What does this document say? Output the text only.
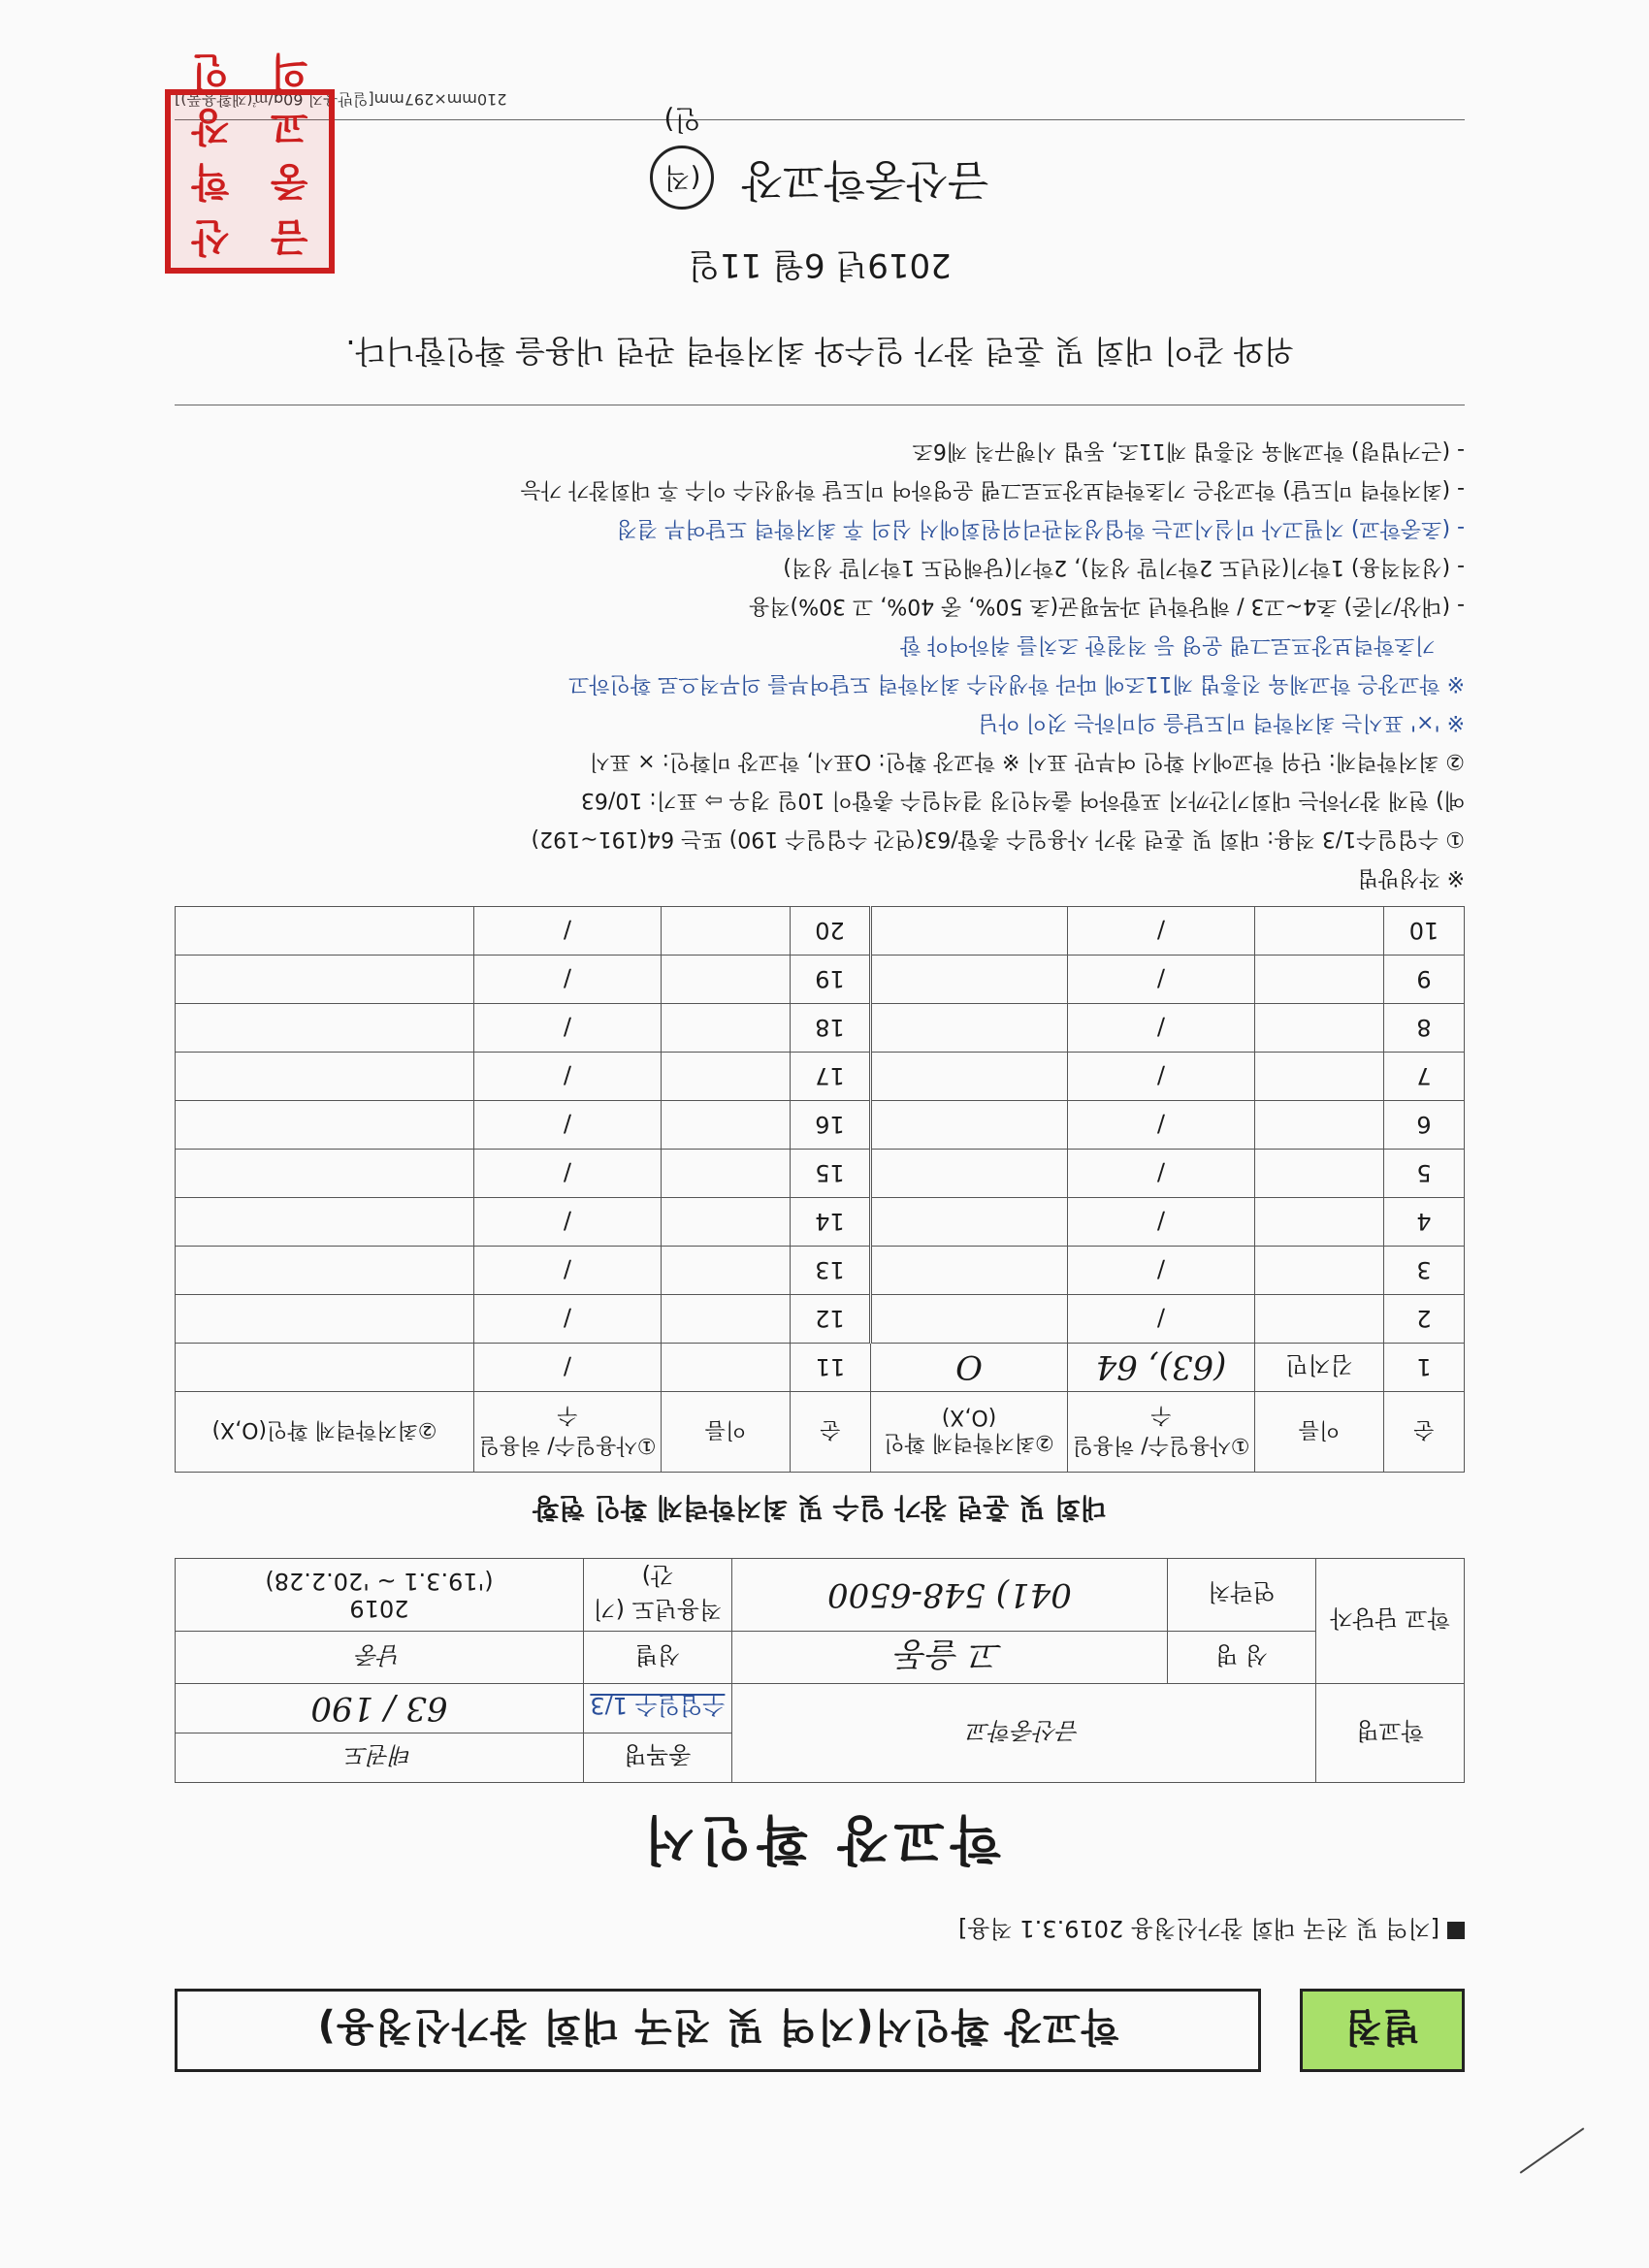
별첨
학교장 확인서(지역 및 전국 대회 참가신청용)
[지역 및 전국 대회 참가신청용 2019.3.1 적용]
학교장 확인서
학교명	금산중학교		종목명	태권도
			수업일수 1/3	63 / 190
학교 담당자	성 명	고 을동	성별	남중
	연락처	041) 548-6500	적용년도 (기간)	2019
('19.3.1 ~ '20.2.28)
대회 및 훈련 참가 일수 및 최저학력제 확인 현황
순	이름	①사용일수/ 허용일수	②최저학력제 확인(O,X)	순	이름	①사용일수/ 허용일수	②최저학력제 확인(O,X)
1	김지민	(63), 64	O	11		/	
2		/		12		/	
3		/		13		/	
4		/		14		/	
5		/		15		/	
6		/		16		/	
7		/		17		/	
8		/		18		/	
9		/		19		/	
10		/		20		/	
※ 작성방법
① 수업일수1/3 적용: 대회 및 훈련 참가 사용일수 총합/63(연간 수업일수 190) 또는 64(191~192)
예) 현재 참가하는 대회기간까지 포함하여 출석인정 결석일수 총합이 10일 경우 ⇨ 표기: 10/63
② 최저학력제: 단위 학교에서 확인 여부만 표시 ※ 학교장 확인: O표시, 학교장 미확인: × 표시
※ '×' 표시는 최저학력 미도달을 의미하는 것이 아님
※ 학교장은 학교체육 진흥법 제11조에 따라 학생선수 최저학력 도달여부를 의무적으로 확인하고
기초학력보장프로그램 운영 등 적절한 조치를 취하여야 함
- (대상/기준) 초4~고3 / 해당학년 과목평균(초 50%, 중 40%, 고 30%)적용
- (성적적용) 1학기(전년도 2학기말 성적), 2학기(당해연도 1학기말 성적)
- (초중학교) 지필고사 미실시교는 학업성적관리위원회에서 심의 후 최저학력 도달여부 결정
- (최저학력 미도달) 학교장은 기초학력보장프로그램 운영하여 미도달 학생선수 이수 후 대회참가 가능
- (근거법령) 학교체육 진흥법 제11조, 동법 시행규칙 제6조
위와 같이 대회 및 훈련 참가 일수와 최저학력 관련 내용을 확인합니다.
2019년 6월 11일
금산중학교장 (직인)
금
산
중
학
교
장
의
인
210mm×297mm[일반용지 60g/㎡(재활용품)]
